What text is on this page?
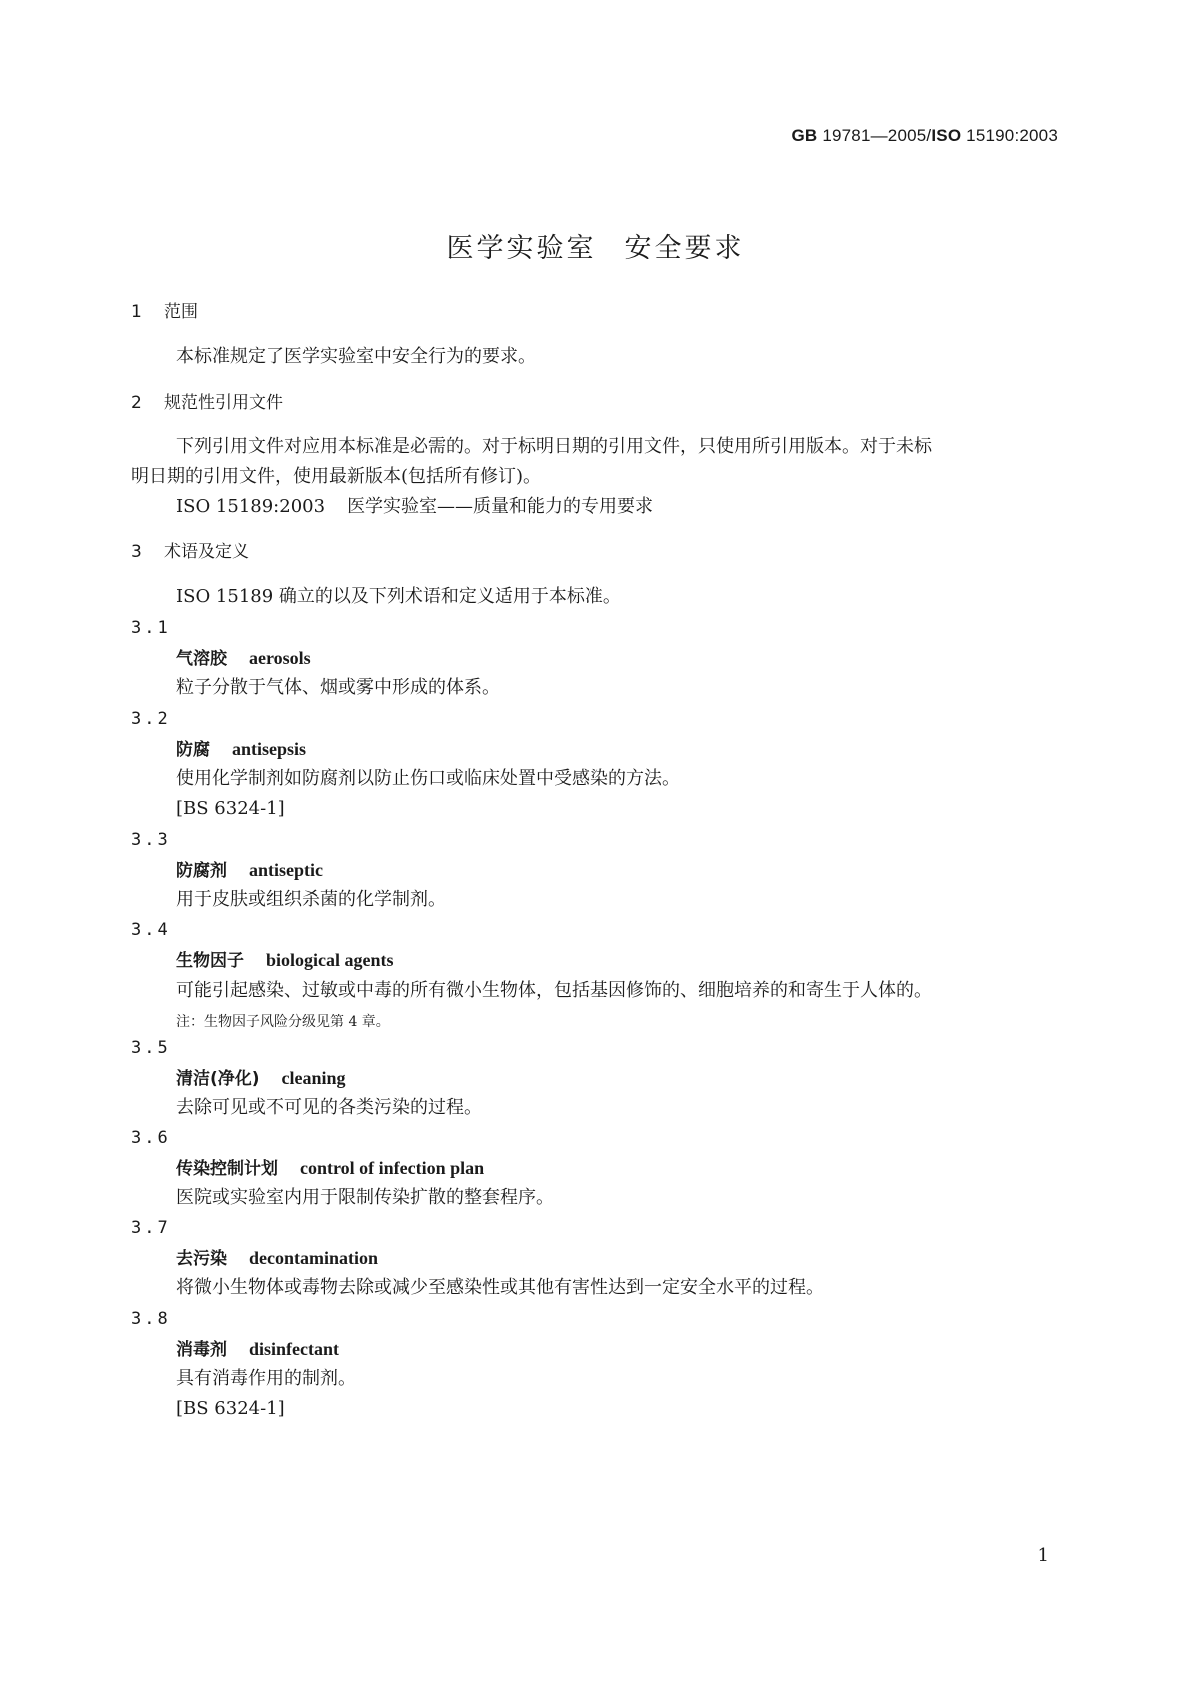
GB 19781—2005/ISO 15190:2003
医学实验室 安全要求
1 范围
本标准规定了医学实验室中安全行为的要求。
2 规范性引用文件
下列引用文件对应用本标准是必需的。对于标明日期的引用文件，只使用所引用版本。对于未标
明日期的引用文件，使用最新版本(包括所有修订)。
ISO 15189:2003 医学实验室——质量和能力的专用要求
3 术语及定义
ISO 15189 确立的以及下列术语和定义适用于本标准。
3.1
气溶胶 aerosols
粒子分散于气体、烟或雾中形成的体系。
3.2
防腐 antisepsis
使用化学制剂如防腐剂以防止伤口或临床处置中受感染的方法。
[BS 6324-1]
3.3
防腐剂 antiseptic
用于皮肤或组织杀菌的化学制剂。
3.4
生物因子 biological agents
可能引起感染、过敏或中毒的所有微小生物体，包括基因修饰的、细胞培养的和寄生于人体的。
注：生物因子风险分级见第 4 章。
3.5
清洁(净化) cleaning
去除可见或不可见的各类污染的过程。
3.6
传染控制计划 control of infection plan
医院或实验室内用于限制传染扩散的整套程序。
3.7
去污染 decontamination
将微小生物体或毒物去除或减少至感染性或其他有害性达到一定安全水平的过程。
3.8
消毒剂 disinfectant
具有消毒作用的制剂。
[BS 6324-1]
1
